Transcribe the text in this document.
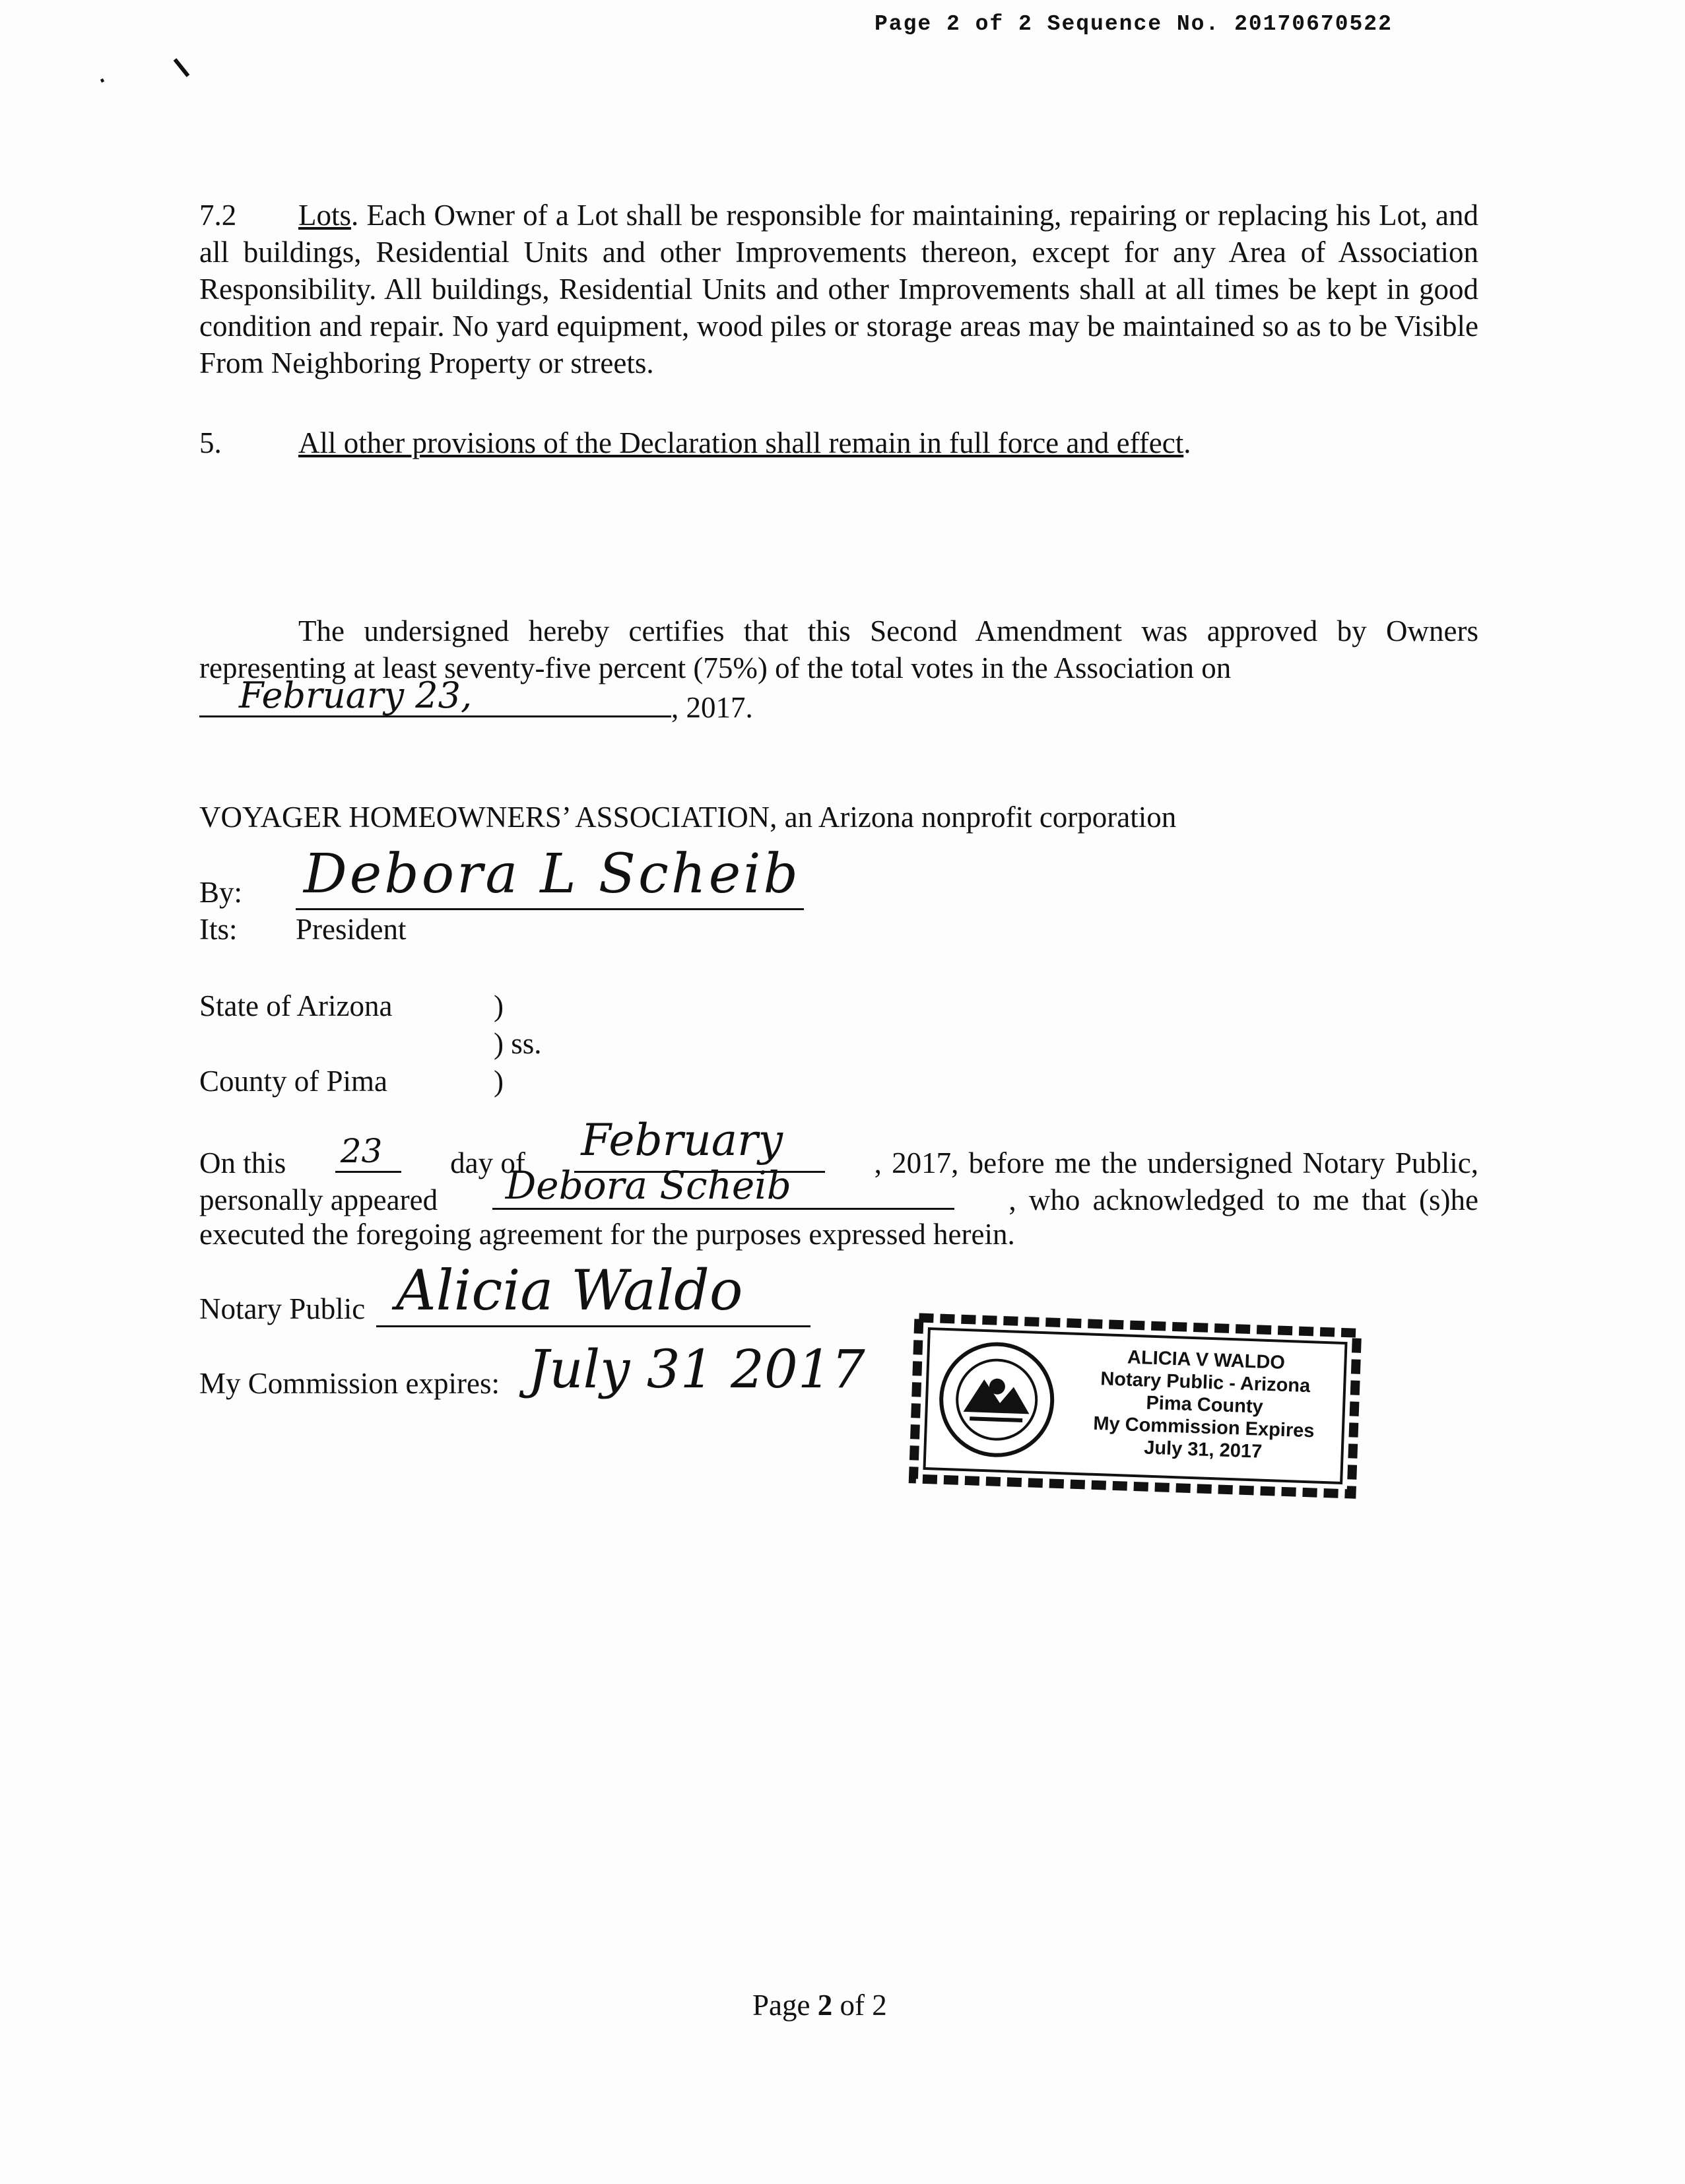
Page 2 of 2 Sequence No. 20170670522
7.2 Lots. Each Owner of a Lot shall be responsible for maintaining, repairing or replacing his Lot, and all buildings, Residential Units and other Improvements thereon, except for any Area of Association Responsibility. All buildings, Residential Units and other Improvements shall at all times be kept in good condition and repair. No yard equipment, wood piles or storage areas may be maintained so as to be Visible From Neighboring Property or streets.
5.	All other provisions of the Declaration shall remain in full force and effect.
The undersigned hereby certifies that this Second Amendment was approved by Owners representing at least seventy-five percent (75%) of the total votes in the Association on
February 23,	, 2017.
VOYAGER HOMEOWNERS’ ASSOCIATION, an Arizona nonprofit corporation
By: Debora L Scheib
Its: President
State of Arizona	)
) ss.
County of Pima	)
On this 23 day of February	, 2017, before me the undersigned Notary Public,
personally appeared Debora Scheib	, who acknowledged to me that (s)he
executed the foregoing agreement for the purposes expressed herein.
Notary Public Alicia Waldo
My Commission expires: July 31 2017	ALICIA V WALDO
Notary Public - Arizona
Pima County
My Commission Expires
July 31, 2017
Page 2 of 2
